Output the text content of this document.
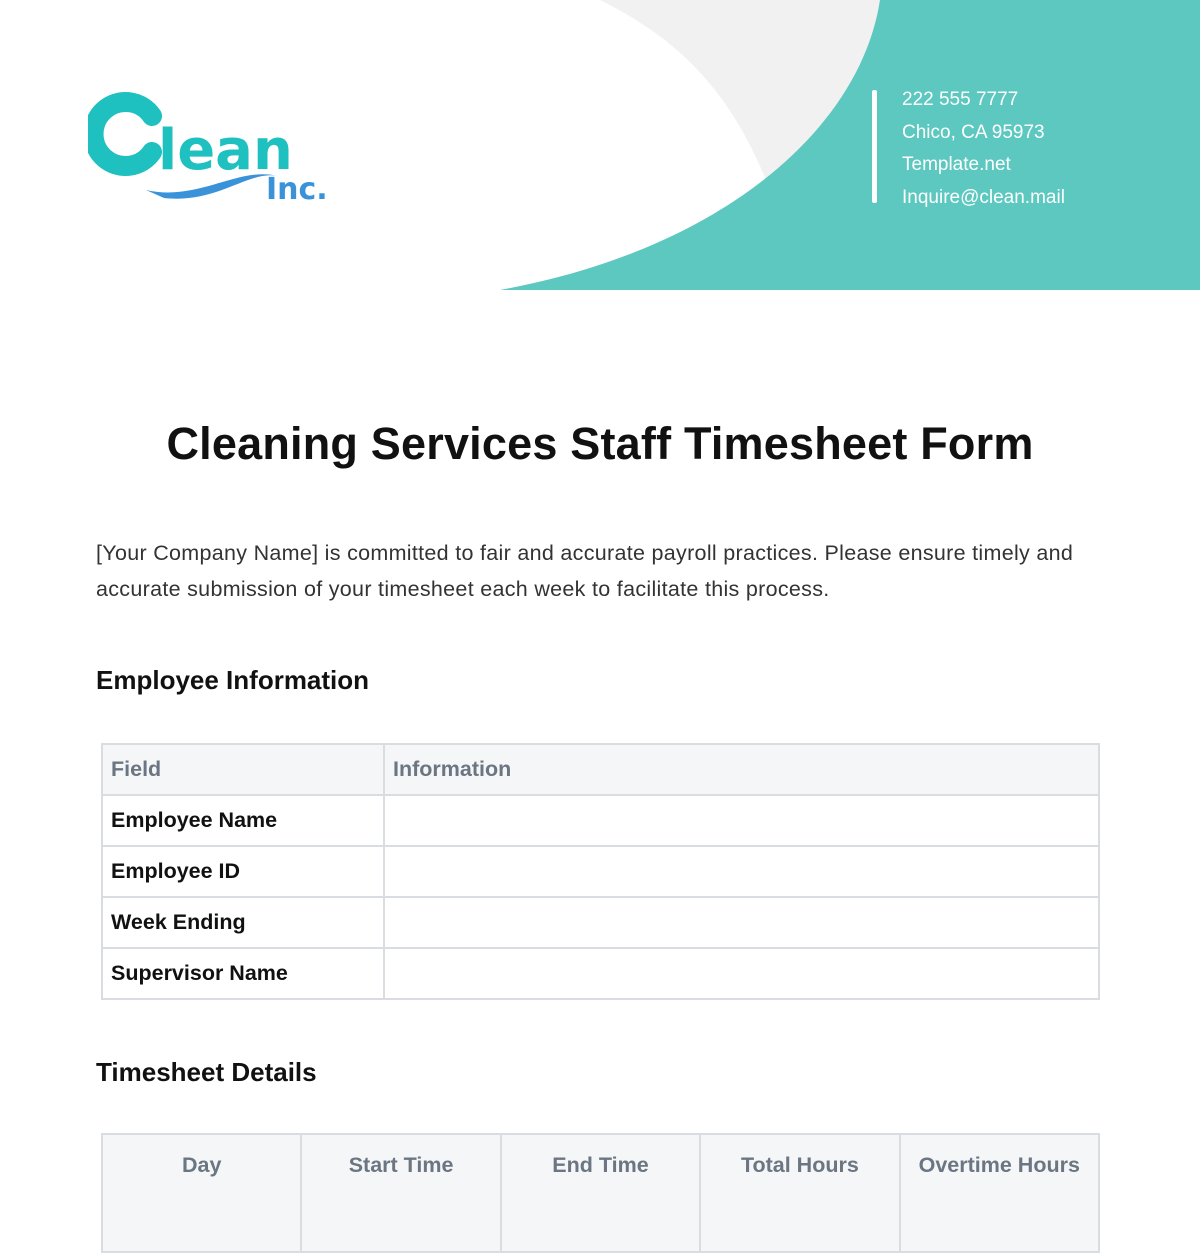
lean
Inc.
222 555 7777
Chico, CA 95973
Template.net
Inquire@clean.mail
Cleaning Services Staff Timesheet Form
[Your Company Name] is committed to fair and accurate payroll practices. Please ensure timely and accurate submission of your timesheet each week to facilitate this process.
Employee Information
Field	Information
Employee Name	
Employee ID	
Week Ending	
Supervisor Name	
Timesheet Details
Day	Start Time	End Time	Total Hours	Overtime Hours
